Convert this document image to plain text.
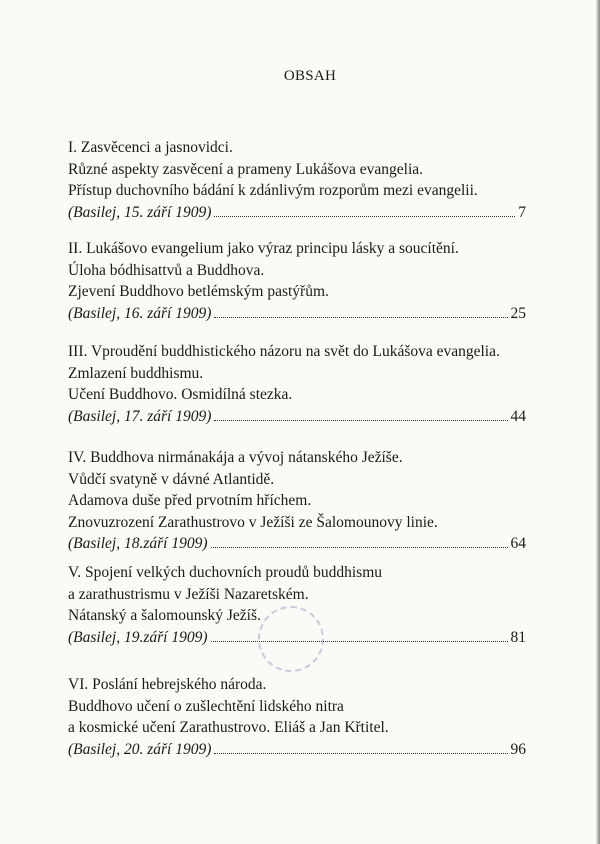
OBSAH
I. Zasvěcenci a jasnovidci.
Různé aspekty zasvěcení a prameny Lukášova evangelia.
Přístup duchovního bádání k zdánlivým rozporům mezi evangelii.
(Basilej, 15. září 1909)	7
II. Lukášovo evangelium jako výraz principu lásky a soucítění.
Úloha bódhisattvů a Buddhova.
Zjevení Buddhovo betlémským pastýřům.
(Basilej, 16. září 1909)	25
III. Vproudění buddhistického názoru na svět do Lukášova evangelia.
Zmlazení buddhismu.
Učení Buddhovo. Osmidílná stezka.
(Basilej, 17. září 1909)	44
IV. Buddhova nirmánakája a vývoj nátanského Ježíše.
Vůdčí svatyně v dávné Atlantidě.
Adamova duše před prvotním hříchem.
Znovuzrození Zarathustrovo v Ježíši ze Šalomounovy linie.
(Basilej, 18.září 1909)	64
V. Spojení velkých duchovních proudů buddhismu
a zarathustrismu v Ježíši Nazaretském.
Nátanský a šalomounský Ježíš.
(Basilej, 19.září 1909)	81
VI. Poslání hebrejského národa.
Buddhovo učení o zušlechtění lidského nitra
a kosmické učení Zarathustrovo. Eliáš a Jan Křtitel.
(Basilej, 20. září 1909)	96
